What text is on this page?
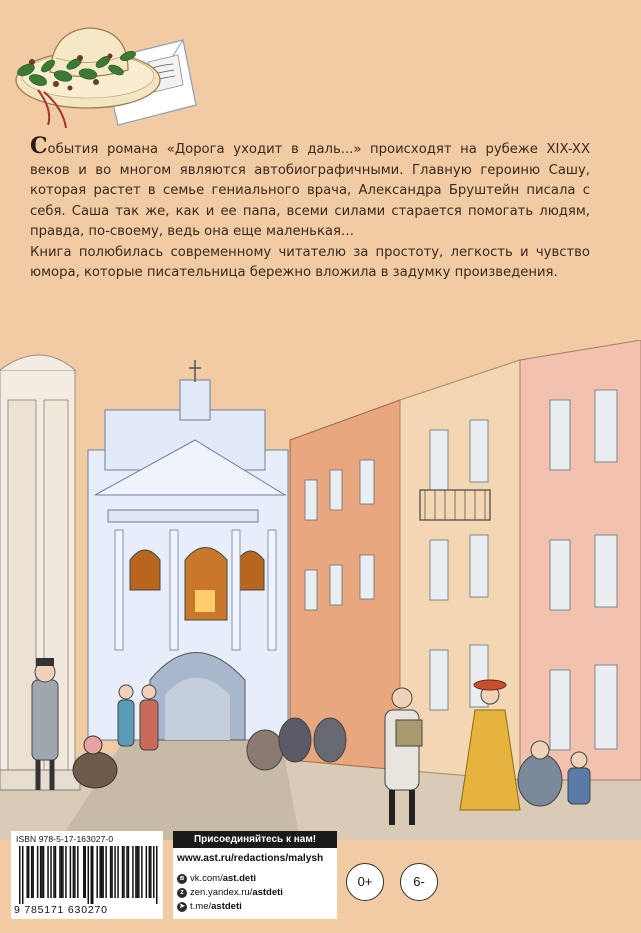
События романа «Дорога уходит в даль...» происходят на рубеже XIX-XX веков и во многом являются автобиографичными. Главную героиню Сашу, которая растет в семье гениального врача, Александра Бруштейн писала с себя. Саша так же, как и ее папа, всеми силами старается помогать людям, правда, по-своему, ведь она еще маленькая…

Книга полюбилась современному читателю за простоту, легкость и чувство юмора, которые писательница бережно вложила в задумку произведения.

ISBN 978-5-17-163027-0
9 785171 630270
Присоединяйтесь к нам!
www.ast.ru/redactions/malysh
в vk.com/ ast.deti
z zen.yandex.ru/ astdeti
➤ t.me/ astdeti
0+	6-
